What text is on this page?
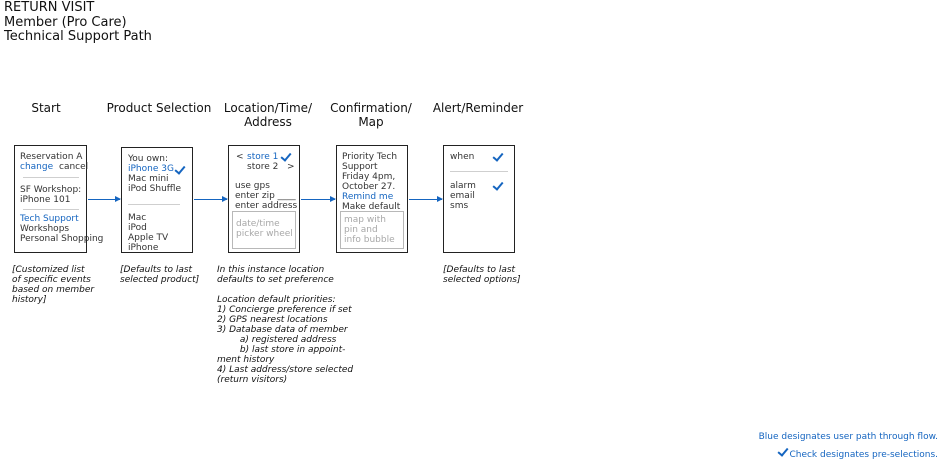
RETURN VISIT
Member (Pro Care)
Technical Support Path
Start	Product Selection	Location/Time/
Address
Confirmation/
Map
Alert/Reminder
Reservation A
change cancel
SF Workshop:
iPhone 101
Tech Support
Workshops
Personal Shopping
You own:
iPhone 3G
Mac mini
iPod Shuffle
Mac
iPod
Apple TV
iPhone
< store 1
store 2 >
use gps
enter zip ____
enter address
date/time
picker wheel
Priority Tech
Support
Friday 4pm,
October 27.
Remind me
Make default
map with
pin and
info bubble
when
alarm
email
sms
[Customized list
of specific events
based on member
history]
[Defaults to last
selected product]
In this instance location
defaults to set preference
Location default priorities:
1) Concierge preference if set
2) GPS nearest locations
3) Database data of member
a) registered address
b) last store in appoint-
ment history
4) Last address/store selected
(return visitors)
[Defaults to last
selected options]
Blue designates user path through flow.
Check designates pre-selections.
